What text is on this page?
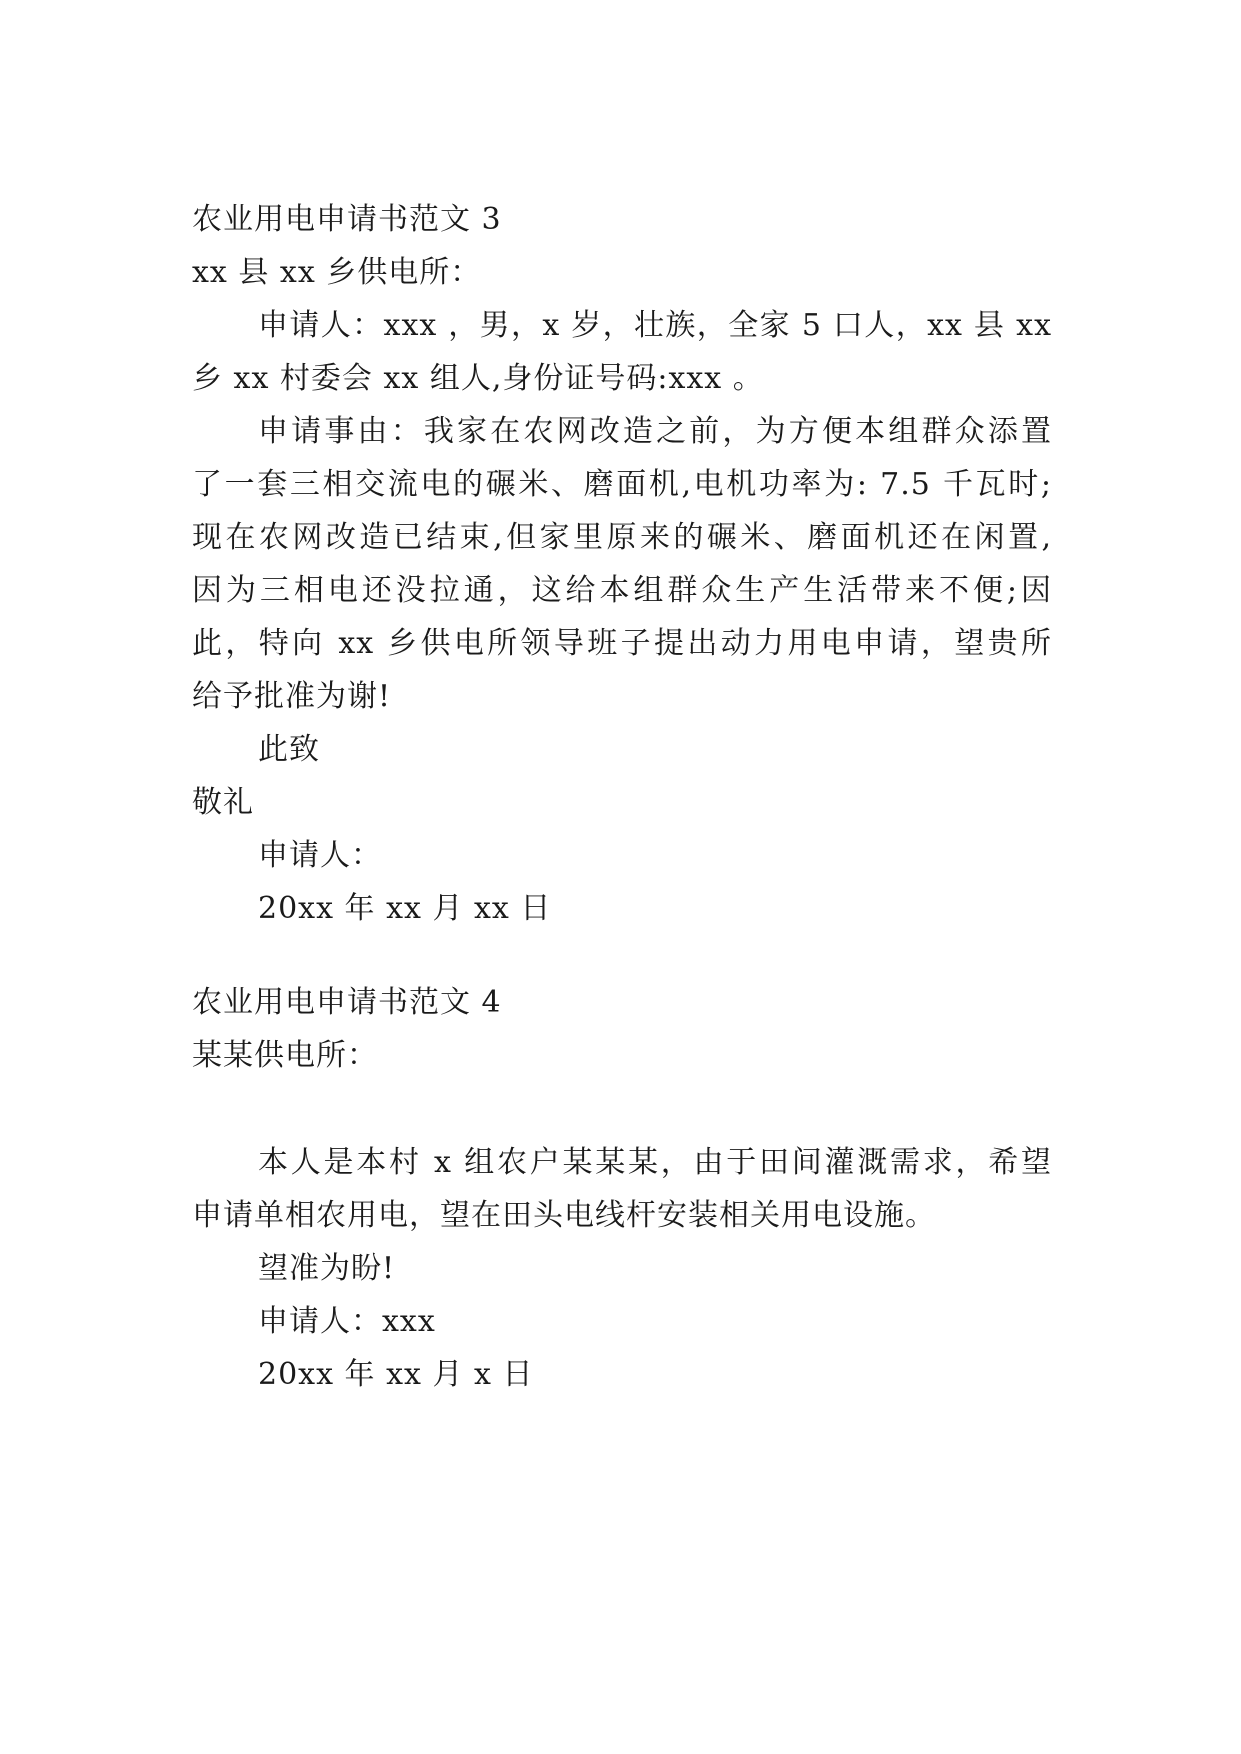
农业用电申请书范文 3
xx 县 xx 乡供电所：
申请人：xxx ，男，x 岁，壮族，全家 5 口人，xx 县 xx
乡 xx 村委会 xx 组人,身份证号码:xxx 。
申请事由：我家在农网改造之前，为方便本组群众添置
了一套三相交流电的碾米、磨面机,电机功率为: 7.5 千瓦时;
现在农网改造已结束,但家里原来的碾米、磨面机还在闲置,
因为三相电还没拉通，这给本组群众生产生活带来不便;因
此，特向 xx 乡供电所领导班子提出动力用电申请，望贵所
给予批准为谢!
此致
敬礼
申请人：
20xx 年 xx 月 xx 日
农业用电申请书范文 4
某某供电所：
本人是本村 x 组农户某某某，由于田间灌溉需求，希望
申请单相农用电，望在田头电线杆安装相关用电设施。
望准为盼!
申请人：xxx
20xx 年 xx 月 x 日
